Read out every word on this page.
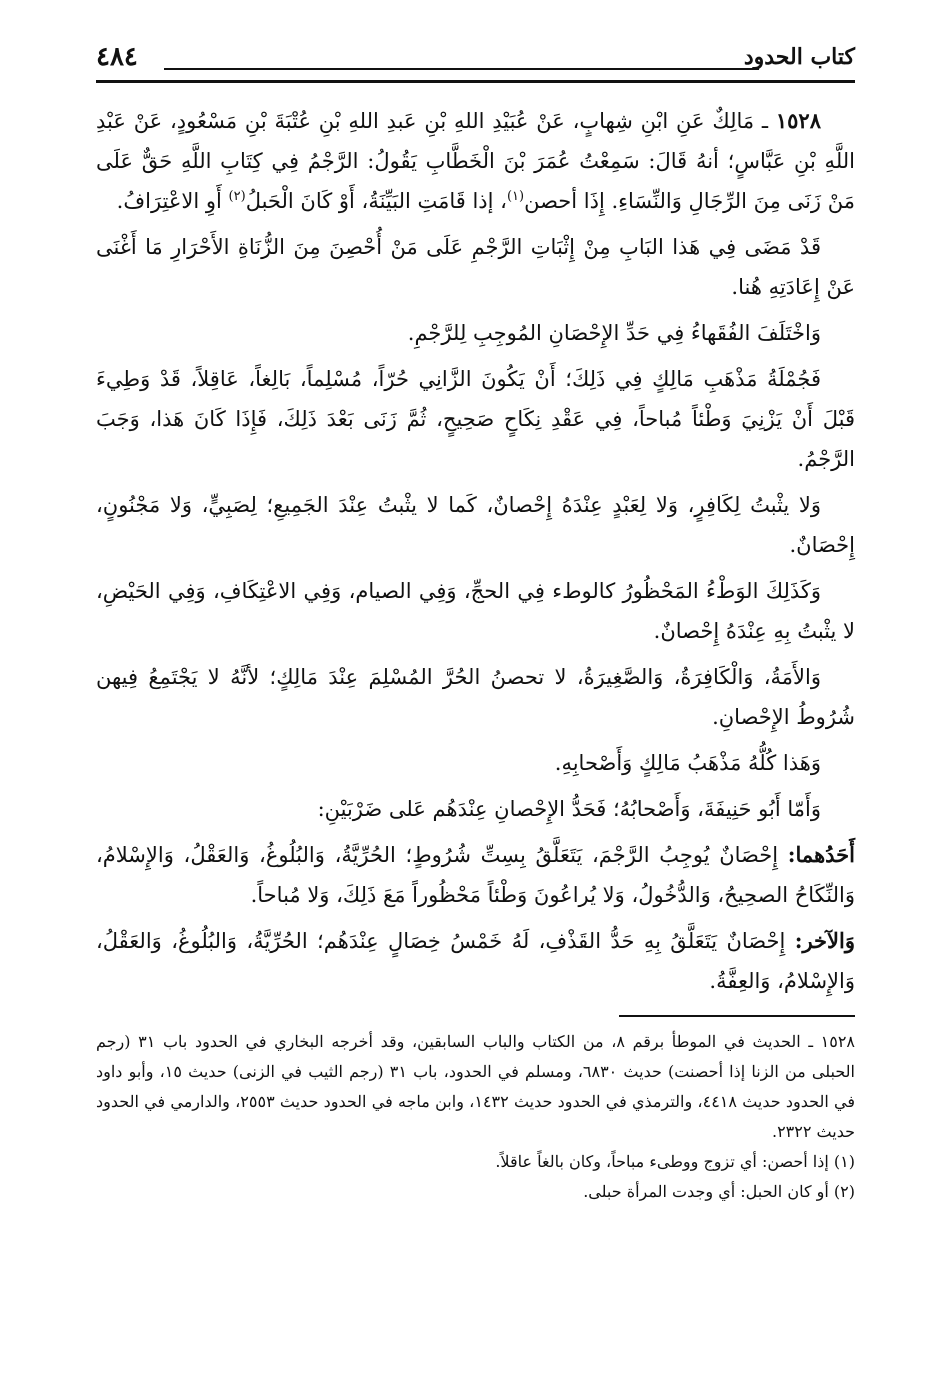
كتاب الحدود
٤٨٤

١٥٢٨ ـ مَالِكٌ عَنِ ابْنِ شِهابٍ، عَنْ عُبَيْدِ اللهِ بْنِ عَبدِ اللهِ بْنِ عُتْبَةَ بْنِ مَسْعُودٍ، عَنْ عَبْدِ اللَّهِ بْنِ عَبَّاسٍ؛ أنهُ قَالَ: سَمِعْتُ عُمَرَ بْنَ الْخَطَّابِ يَقُولُ: الرَّجْمُ فِي كِتَابِ اللَّهِ حَقٌّ عَلَى مَنْ زَنَى مِنَ الرِّجَالِ وَالنِّسَاءِ. إِذَا أحصن$^{(١)}$، إذا قَامَتِ البَيِّنَةُ، أَوْ كَانَ الْحَبلُ$^{(٢)}$ أَوِ الاعْتِرَافُ.

قَدْ مَضَى فِي هَذا البَابِ مِنْ إِثْبَاتِ الرَّجْمِ عَلَى مَنْ أُحْصِنَ مِنَ الزُّنَاةِ الأَحْرَارِ مَا أَغْنَى عَنْ إِعَادَتِهِ هُنا.

وَاخْتَلَفَ الفُقَهاءُ فِي حَدِّ الإِحْصَانِ المُوجِبِ لِلرَّجْمِ.

فَجُمْلَةُ مَذْهَبِ مَالِكٍ فِي ذَلِكَ؛ أَنْ يَكُونَ الزَّانِي حُرّاً، مُسْلِماً، بَالِغاً، عَاقِلاً، قَدْ وَطِيءَ قَبْلَ أَنْ يَزْنِيَ وَطْئاً مُباحاً، فِي عَقْدِ نِكَاحٍ صَحِيحٍ، ثُمَّ زَنَى بَعْدَ ذَلِكَ، فَإِذَا كَانَ هَذا، وَجَبَ الرَّجْمُ.

وَلا يثْبتُ لِكَافِرٍ، وَلا لِعَبْدٍ عِنْدَهُ إِحْصانٌ، كَما لا يثْبتُ عِنْدَ الجَمِيعِ؛ لِصَبِيٍّ، وَلا مَجْنُونٍ، إِحْصَانٌ.

وَكَذَلِكَ الوَطْءُ المَحْظُورُ كالوطء فِي الحجِّ، وَفِي الصيام، وَفِي الاعْتِكَافِ، وَفِي الحَيْضِ، لا يثْبتُ بِهِ عِنْدَهُ إِحْصانٌ.

وَالأَمَةُ، وَالْكَافِرَةُ، وَالصَّغِيرَةُ، لا تحصنُ الحُرَّ المُسْلِمَ عِنْدَ مَالِكٍ؛ لأنَّهُ لا يَجْتَمِعُ فِيهن شُرُوطُ الإِحْصانِ.

وَهَذا كُلُّهُ مَذْهَبُ مَالِكٍ وَأَصْحابِهِ.

وَأَمّا أَبُو حَنِيفَةَ، وَأَصْحابُهُ؛ فَحَدُّ الإِحْصانِ عِنْدَهُم عَلى ضَرْبَيْنِ:

أَحَدُهما: إِحْصَانٌ يُوجِبُ الرَّجْمَ، يَتَعَلَّقُ بِسِتِّ شُرُوطٍ؛ الحُرِّيَّةُ، وَالبُلُوغُ، وَالعَقْلُ، وَالإِسْلامُ، وَالنِّكَاحُ الصحِيحُ، وَالدُّخُولُ، وَلا يُراعُونَ وَطْئاً مَحْظُوراً مَعَ ذَلِكَ، وَلا مُباحاً.

وَالآخر: إِحْصَانٌ يَتَعَلَّقُ بِهِ حَدُّ القَذْفِ، لَهُ خَمْسُ خِصَالٍ عِنْدَهُم؛ الحُرِّيَّةُ، وَالبُلُوغُ، وَالعَقْلُ، وَالإِسْلامُ، وَالعِفَّةُ.

١٥٢٨ ـ الحديث في الموطأ برقم ٨، من الكتاب والباب السابقين، وقد أخرجه البخاري في الحدود باب ٣١ (رجم الحبلى من الزنا إذا أحصنت) حديث ٦٨٣٠، ومسلم في الحدود، باب ٣١ (رجم الثيب في الزنى) حديث ١٥، وأبو داود في الحدود حديث ٤٤١٨، والترمذي في الحدود حديث ١٤٣٢، وابن ماجه في الحدود حديث ٢٥٥٣، والدارمي في الحدود حديث ٢٣٢٢.

(١) إذا أحصن: أي تزوج ووطىء مباحاً، وكان بالغاً عاقلاً.

(٢) أو كان الحبل: أي وجدت المرأة حبلى.
